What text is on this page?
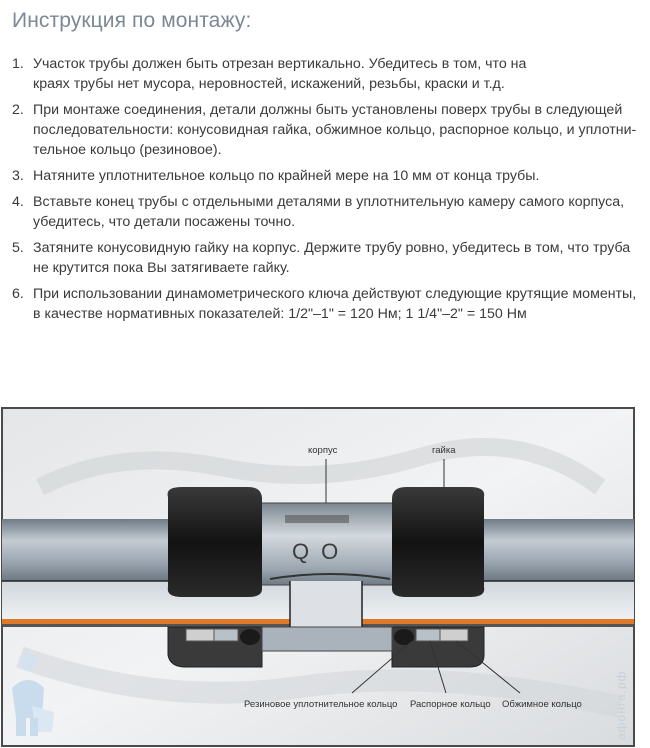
Инструкция по монтажу:
1. Участок трубы должен быть отрезан вертикально. Убедитесь в том, что на
краях трубы нет мусора, неровностей, искажений, резьбы, краски и т.д.
2. При монтаже соединения, детали должны быть установлены поверх трубы в следующей
последовательности: конусовидная гайка, обжимное кольцо, распорное кольцо, и уплотни-
тельное кольцо (резиновое).
3. Натяните уплотнительное кольцо по крайней мере на 10 мм от конца трубы.
4. Вставьте конец трубы с отдельными деталями в уплотнительную камеру самого корпуса,
убедитесь, что детали посажены точно.
5. Затяните конусовидную гайку на корпус. Держите трубу ровно, убедитесь в том, что труба
не крутится пока Вы затягиваете гайку.
6. При использовании динамометрического ключа действуют следующие крутящие моменты,
в качестве нормативных показателей: 1/2"–1" = 120 Нм; 1 1/4"–2" = 150 Нм
QO
корпус	гайка
Резиновое уплотнительное кольцо Распорное кольцо Обжимное кольцо	афонга.рф
